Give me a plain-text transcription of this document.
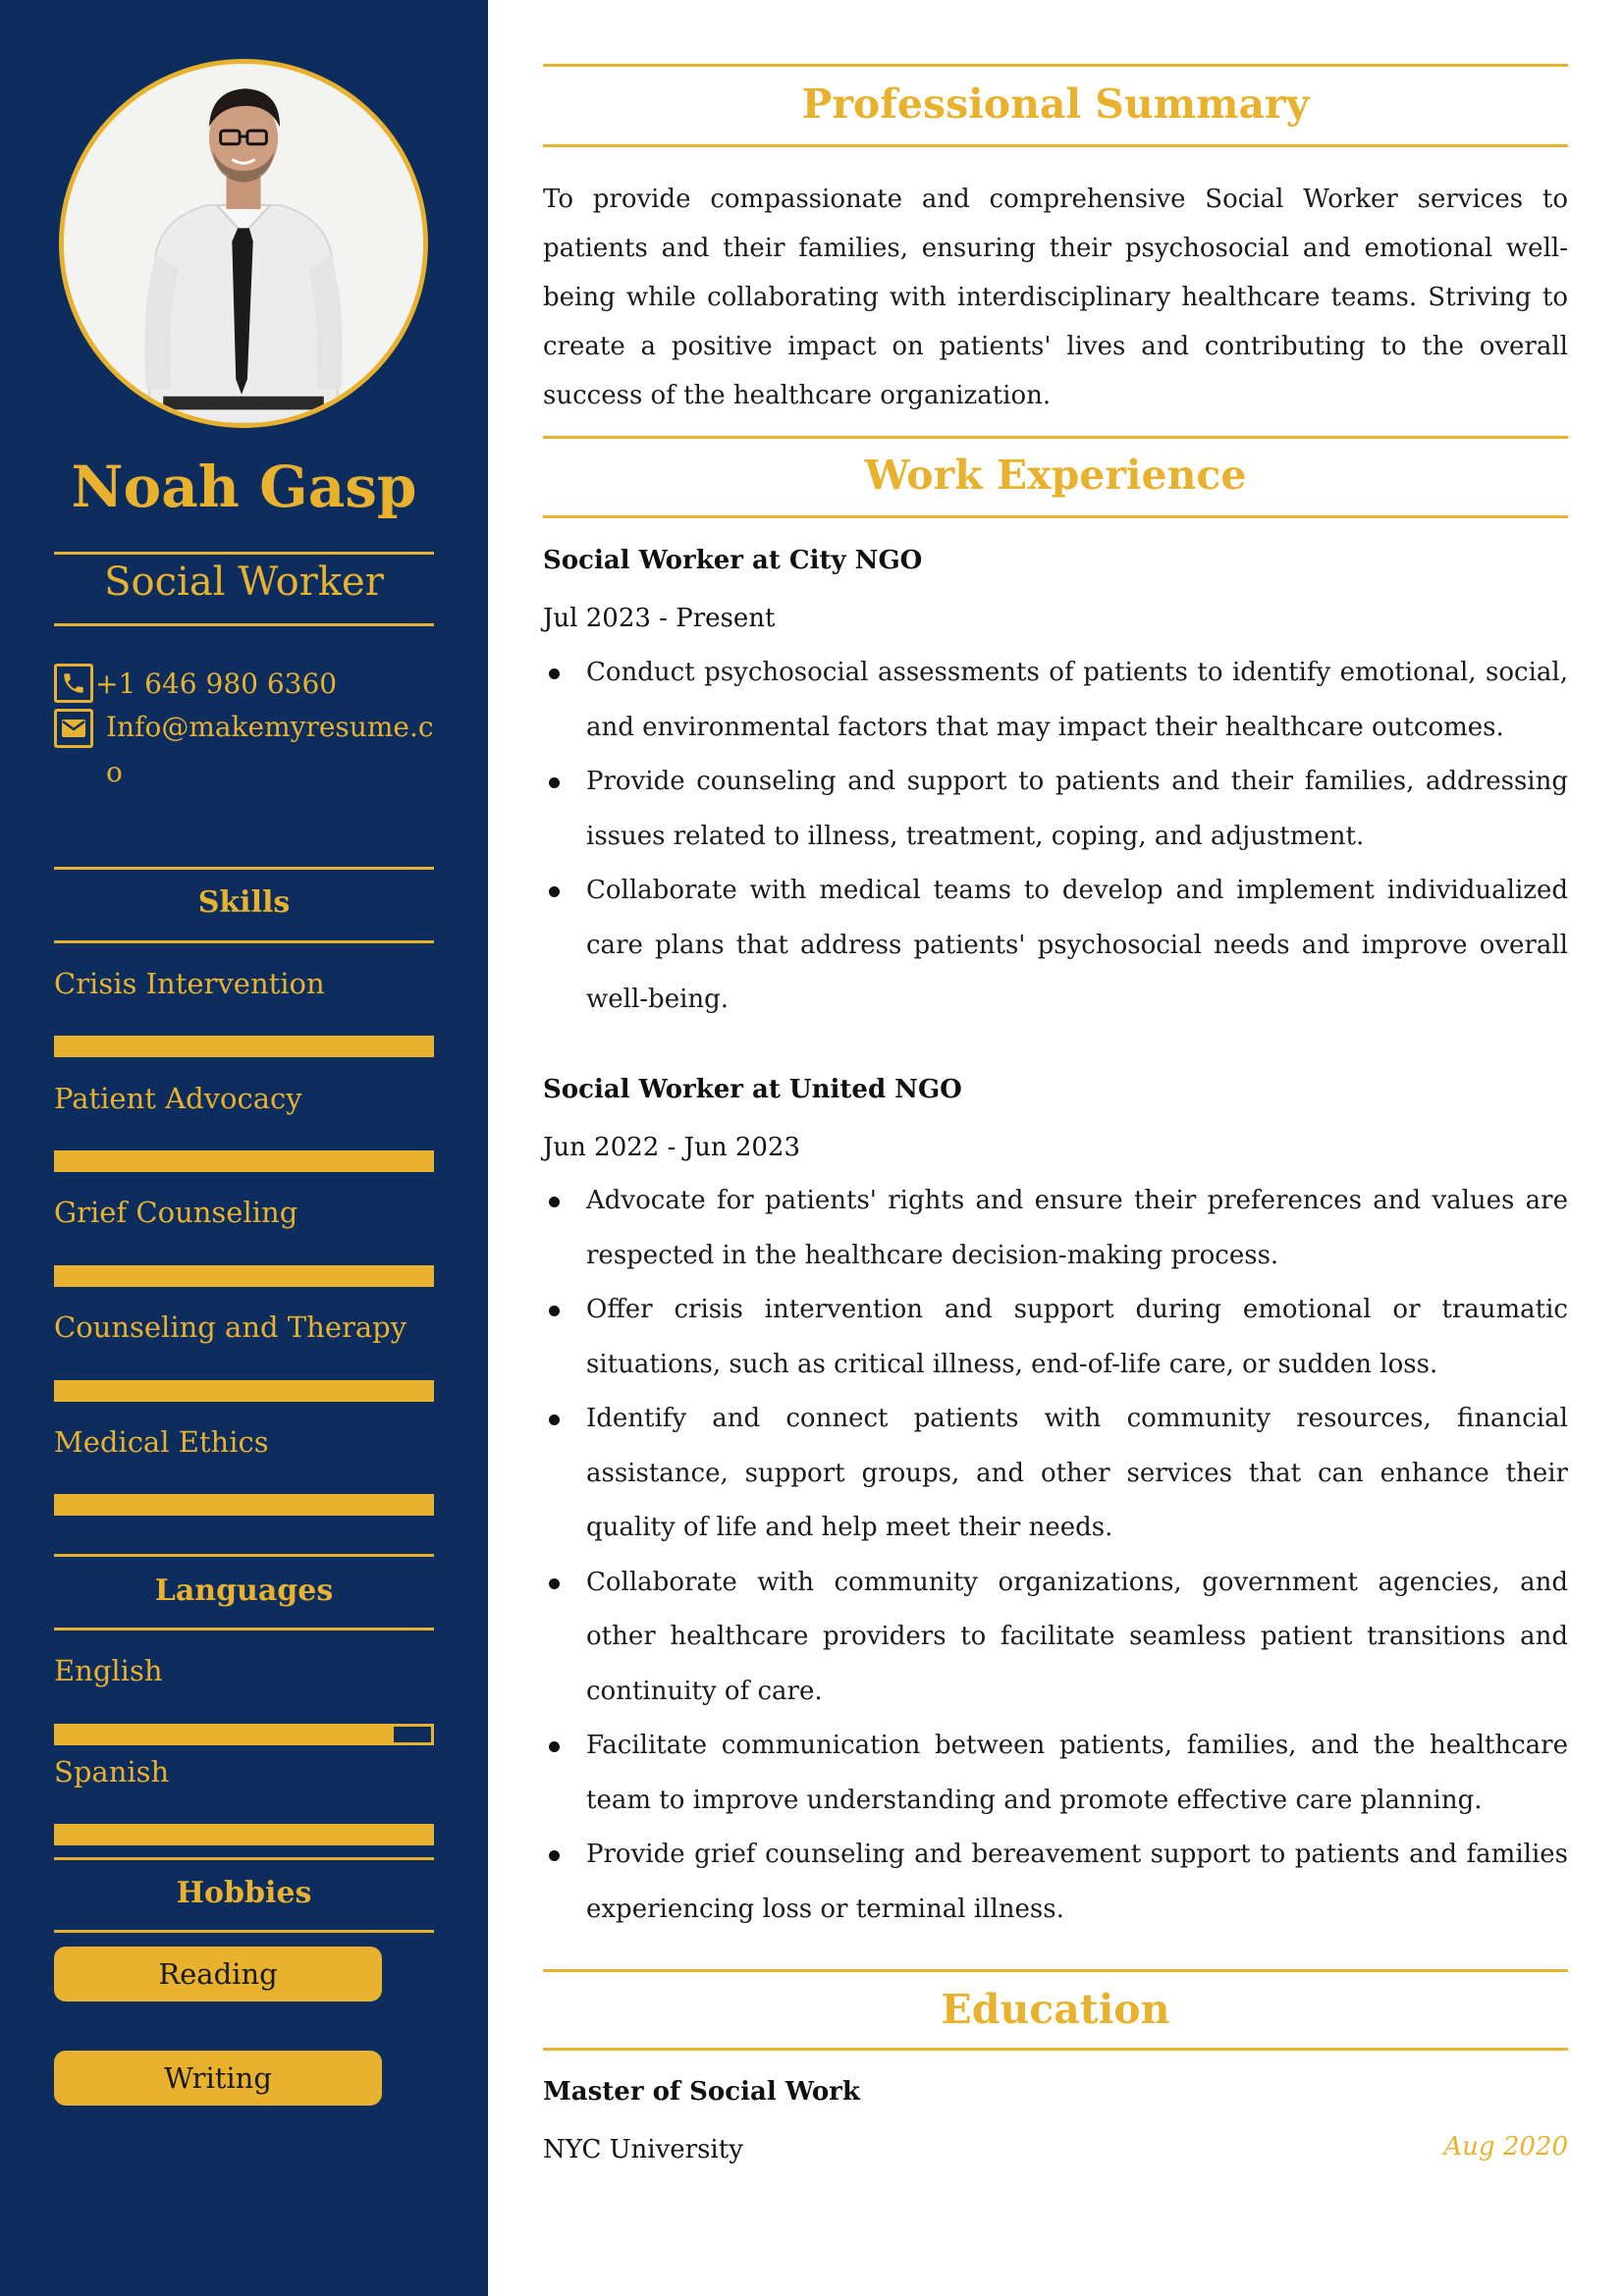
Noah Gasp
Social Worker
+1 646 980 6360
Info@makemyresume.co
Skills
Crisis Intervention
Patient Advocacy
Grief Counseling
Counseling and Therapy
Medical Ethics
Languages
English
Spanish
Hobbies
Reading
Writing
Professional Summary

To provide compassionate and comprehensive Social Worker services to patients and their families, ensuring their psychosocial and emotional well-being while collaborating with interdisciplinary healthcare teams. Striving to create a positive impact on patients' lives and contributing to the overall success of the healthcare organization.

Work Experience
Social Worker at City NGO
Jul 2023 - Present
Conduct psychosocial assessments of patients to identify emotional, social, and environmental factors that may impact their healthcare outcomes.
Provide counseling and support to patients and their families, addressing issues related to illness, treatment, coping, and adjustment.
Collaborate with medical teams to develop and implement individualized care plans that address patients' psychosocial needs and improve overall well-being.
Social Worker at United NGO
Jun 2022 - Jun 2023
Advocate for patients' rights and ensure their preferences and values are respected in the healthcare decision-making process.
Offer crisis intervention and support during emotional or traumatic situations, such as critical illness, end-of-life care, or sudden loss.
Identify and connect patients with community resources, financial assistance, support groups, and other services that can enhance their quality of life and help meet their needs.
Collaborate with community organizations, government agencies, and other healthcare providers to facilitate seamless patient transitions and continuity of care.
Facilitate communication between patients, families, and the healthcare team to improve understanding and promote effective care planning.
Provide grief counseling and bereavement support to patients and families experiencing loss or terminal illness.
Education
Master of Social Work
NYC University	Aug 2020
